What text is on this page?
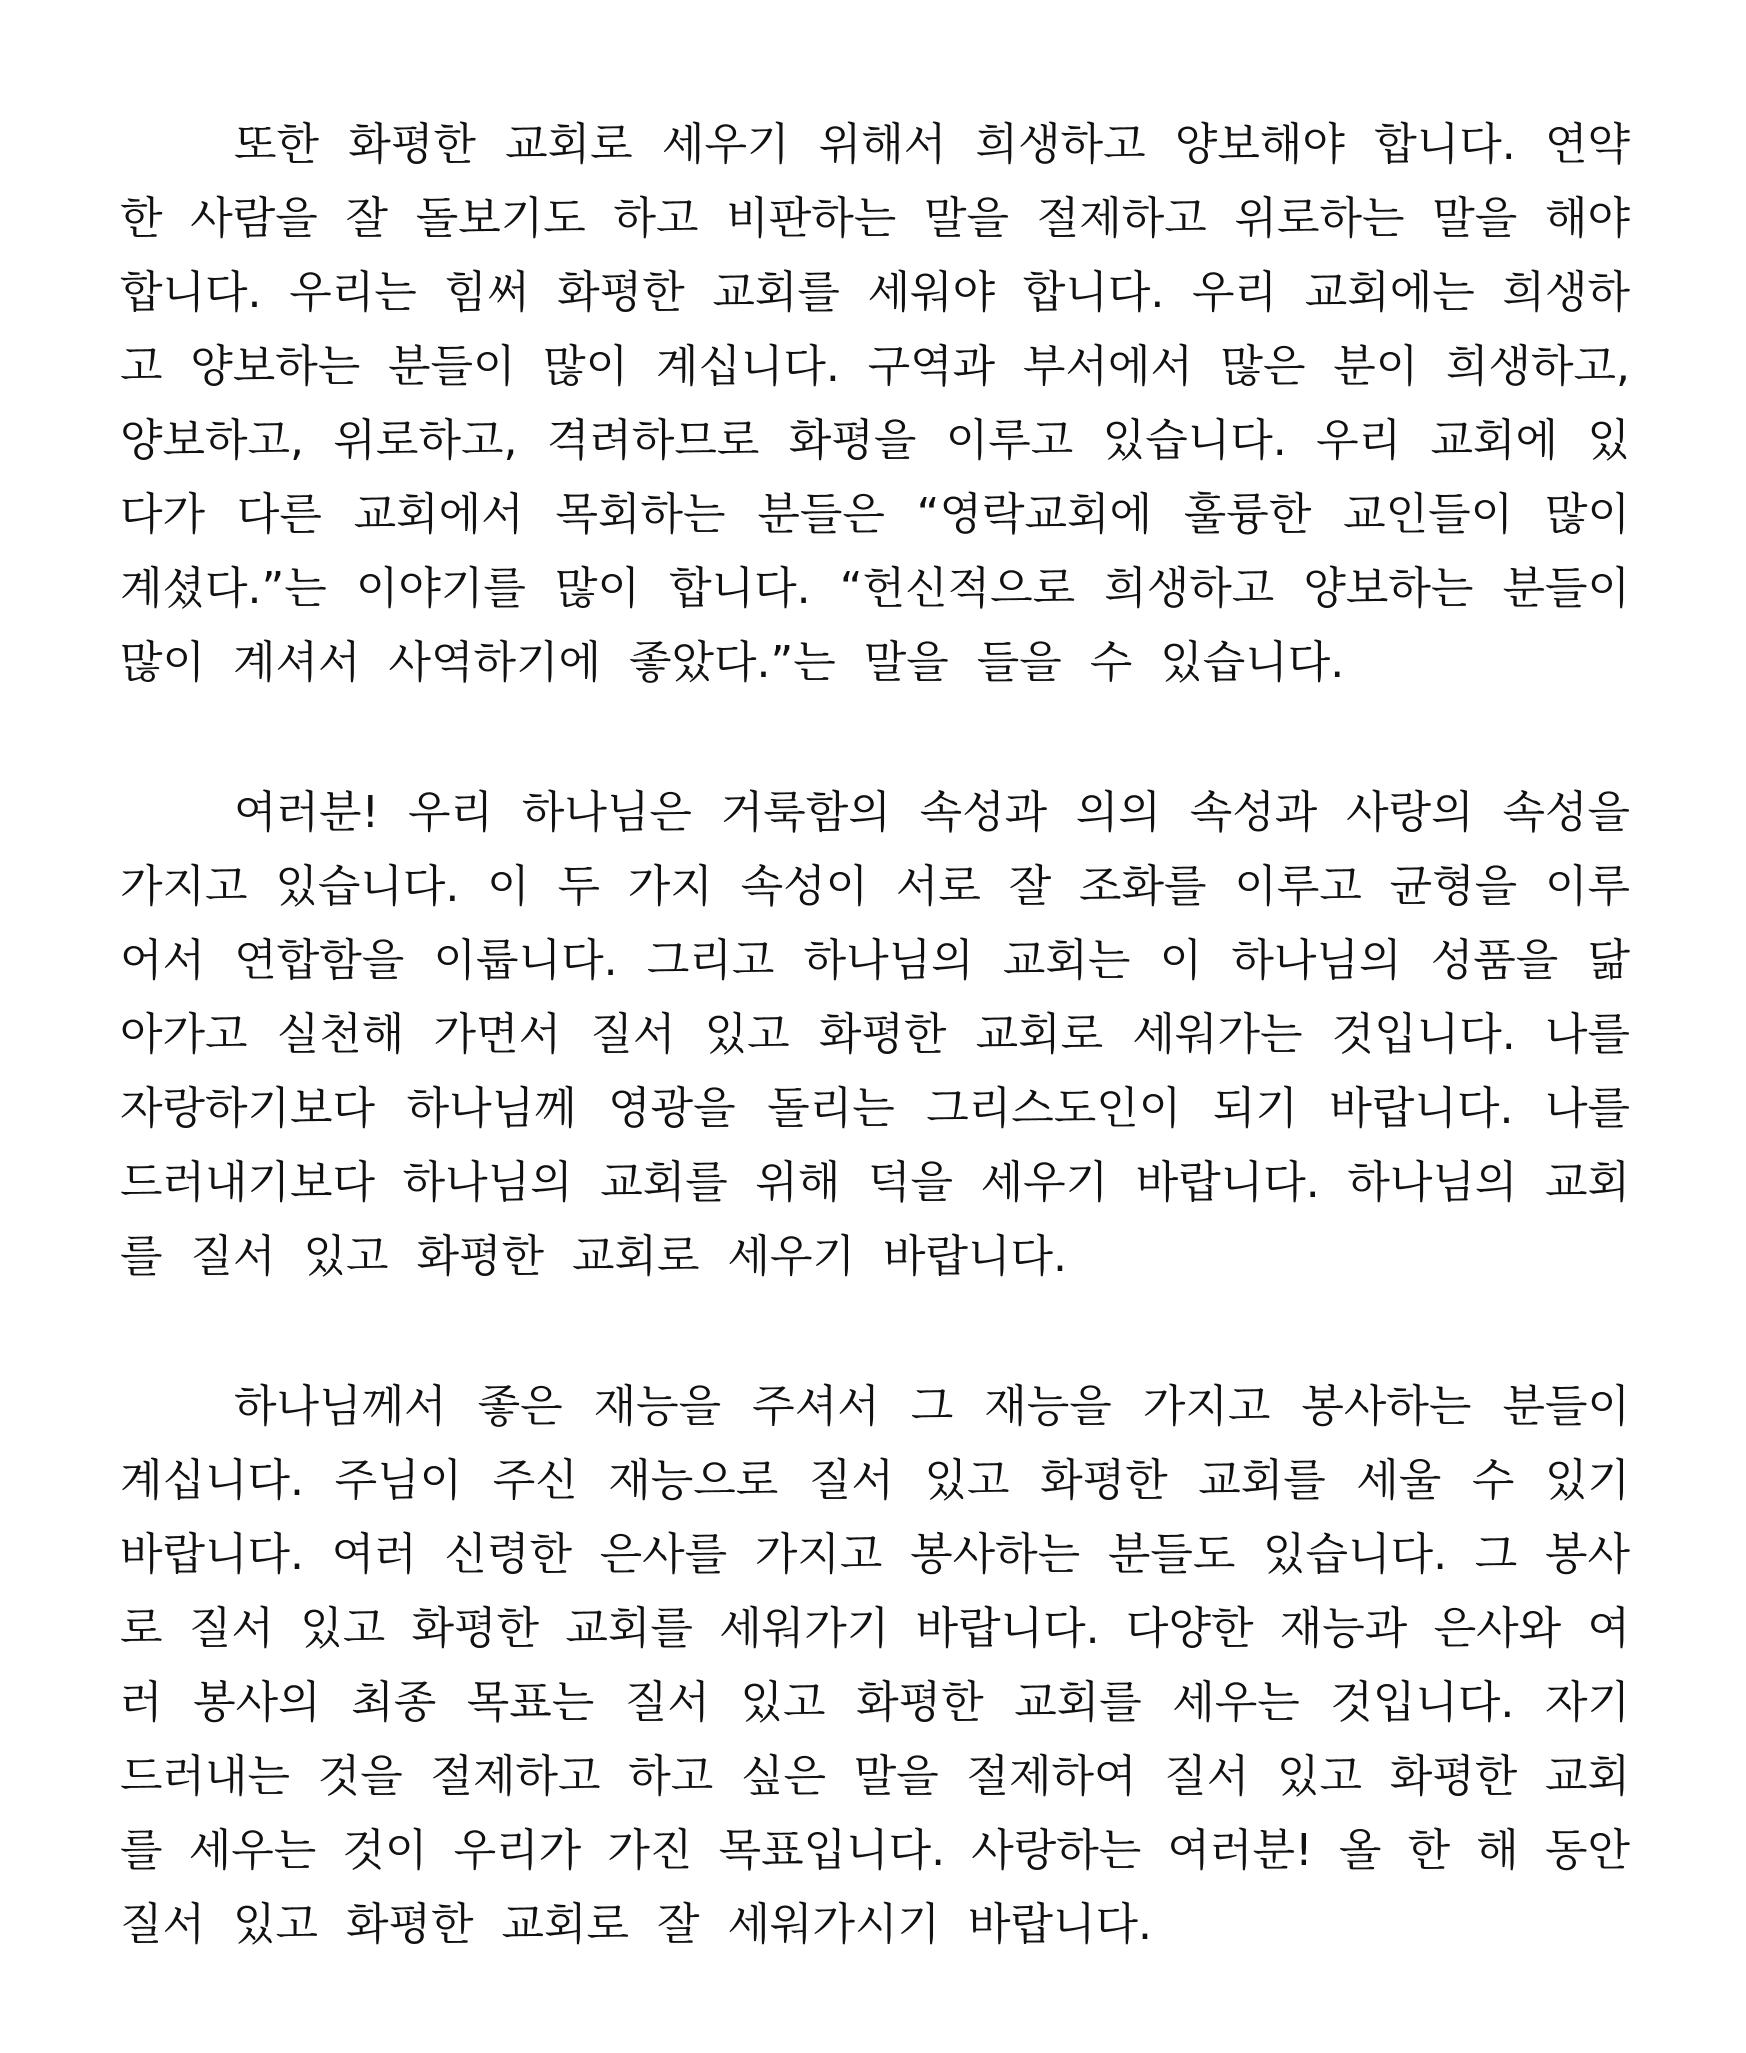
또한 화평한 교회로 세우기 위해서 희생하고 양보해야 합니다. 연약
한 사람을 잘 돌보기도 하고 비판하는 말을 절제하고 위로하는 말을 해야
합니다. 우리는 힘써 화평한 교회를 세워야 합니다. 우리 교회에는 희생하
고 양보하는 분들이 많이 계십니다. 구역과 부서에서 많은 분이 희생하고,
양보하고, 위로하고, 격려하므로 화평을 이루고 있습니다. 우리 교회에 있
다가 다른 교회에서 목회하는 분들은 “영락교회에 훌륭한 교인들이 많이
계셨다.”는 이야기를 많이 합니다. “헌신적으로 희생하고 양보하는 분들이
많이 계셔서 사역하기에 좋았다.”는 말을 들을 수 있습니다.
여러분! 우리 하나님은 거룩함의 속성과 의의 속성과 사랑의 속성을
가지고 있습니다. 이 두 가지 속성이 서로 잘 조화를 이루고 균형을 이루
어서 연합함을 이룹니다. 그리고 하나님의 교회는 이 하나님의 성품을 닮
아가고 실천해 가면서 질서 있고 화평한 교회로 세워가는 것입니다. 나를
자랑하기보다 하나님께 영광을 돌리는 그리스도인이 되기 바랍니다. 나를
드러내기보다 하나님의 교회를 위해 덕을 세우기 바랍니다. 하나님의 교회
를 질서 있고 화평한 교회로 세우기 바랍니다.
하나님께서 좋은 재능을 주셔서 그 재능을 가지고 봉사하는 분들이
계십니다. 주님이 주신 재능으로 질서 있고 화평한 교회를 세울 수 있기
바랍니다. 여러 신령한 은사를 가지고 봉사하는 분들도 있습니다. 그 봉사
로 질서 있고 화평한 교회를 세워가기 바랍니다. 다양한 재능과 은사와 여
러 봉사의 최종 목표는 질서 있고 화평한 교회를 세우는 것입니다. 자기
드러내는 것을 절제하고 하고 싶은 말을 절제하여 질서 있고 화평한 교회
를 세우는 것이 우리가 가진 목표입니다. 사랑하는 여러분! 올 한 해 동안
질서 있고 화평한 교회로 잘 세워가시기 바랍니다.
